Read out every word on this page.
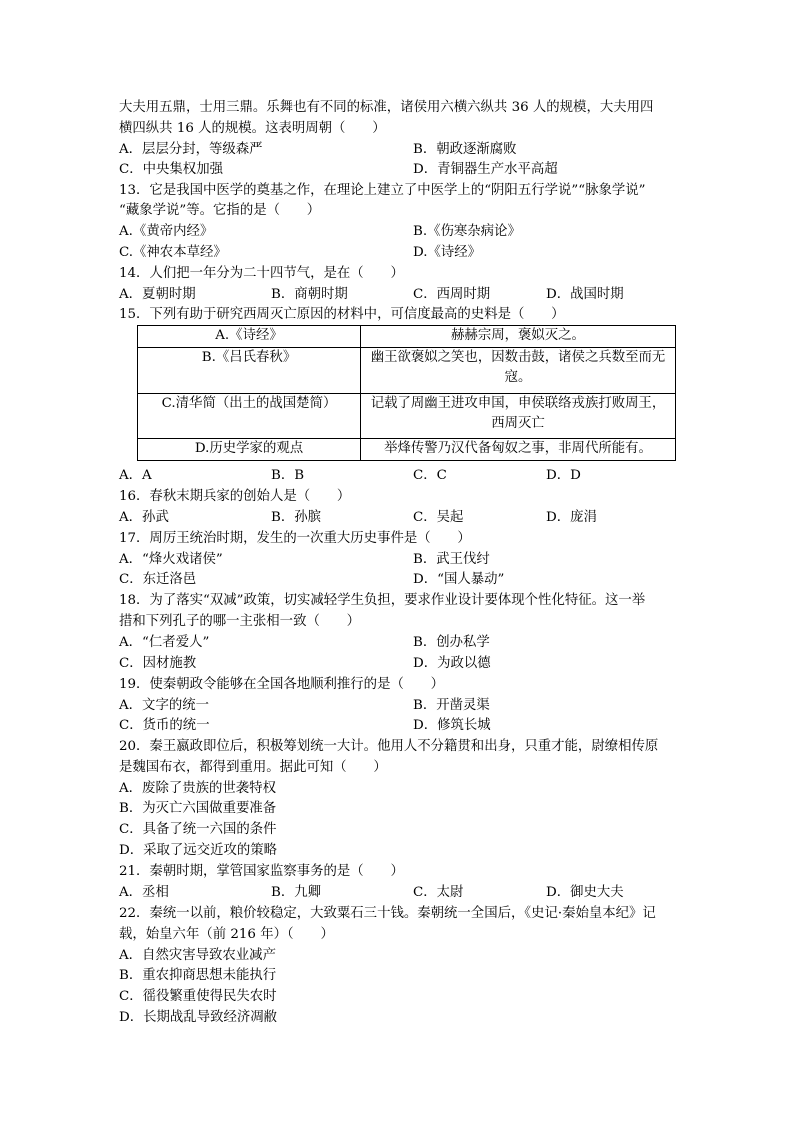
大夫用五鼎，士用三鼎。乐舞也有不同的标准，诸侯用六横六纵共 36 人的规模，大夫用四
横四纵共 16 人的规模。这表明周朝（　　）
A．层层分封，等级森严	B．朝政逐渐腐败
C．中央集权加强	D．青铜器生产水平高超
13．它是我国中医学的奠基之作，在理论上建立了中医学上的“阴阳五行学说”“脉象学说”
“藏象学说”等。它指的是（　　）
A.《黄帝内经》	B.《伤寒杂病论》
C.《神农本草经》	D.《诗经》
14．人们把一年分为二十四节气，是在（　　）
A．夏朝时期	B．商朝时期	C．西周时期	D．战国时期
15．下列有助于研究西周灭亡原因的材料中，可信度最高的史料是（　　）
A.《诗经》	赫赫宗周，褒姒灭之。
B.《吕氏春秋》	幽王欲褒姒之笑也，因数击鼓，诸侯之兵数至而无
寇。

C.清华简（出土的战国楚简）	记载了周幽王进攻申国，申侯联络戎族打败周王，
西周灭亡

D.历史学家的观点	举烽传警乃汉代备匈奴之事，非周代所能有。
A．A	B．B	C．C	D．D
16．春秋末期兵家的创始人是（　　）
A．孙武	B．孙膑	C．吴起	D．庞涓
17．周厉王统治时期，发生的一次重大历史事件是（　　）
A．“烽火戏诸侯”	B．武王伐纣
C．东迁洛邑	D．“国人暴动”
18．为了落实“双减”政策，切实减轻学生负担，要求作业设计要体现个性化特征。这一举
措和下列孔子的哪一主张相一致（　　）
A．“仁者爱人”	B．创办私学
C．因材施教	D．为政以德
19．使秦朝政令能够在全国各地顺利推行的是（　　）
A．文字的统一	B．开凿灵渠
C．货币的统一	D．修筑长城
20．秦王嬴政即位后，积极筹划统一大计。他用人不分籍贯和出身，只重才能，尉缭相传原
是魏国布衣，都得到重用。据此可知（　　）
A．废除了贵族的世袭特权
B．为灭亡六国做重要准备
C．具备了统一六国的条件
D．采取了远交近攻的策略
21．秦朝时期，掌管国家监察事务的是（　　）
A．丞相	B．九卿	C．太尉	D．御史大夫
22．秦统一以前，粮价较稳定，大致粟石三十钱。秦朝统一全国后，《史记·秦始皇本纪》记
载，始皇六年（前 216 年）（　　）
A．自然灾害导致农业减产
B．重农抑商思想未能执行
C．徭役繁重使得民失农时
D．长期战乱导致经济凋敝
